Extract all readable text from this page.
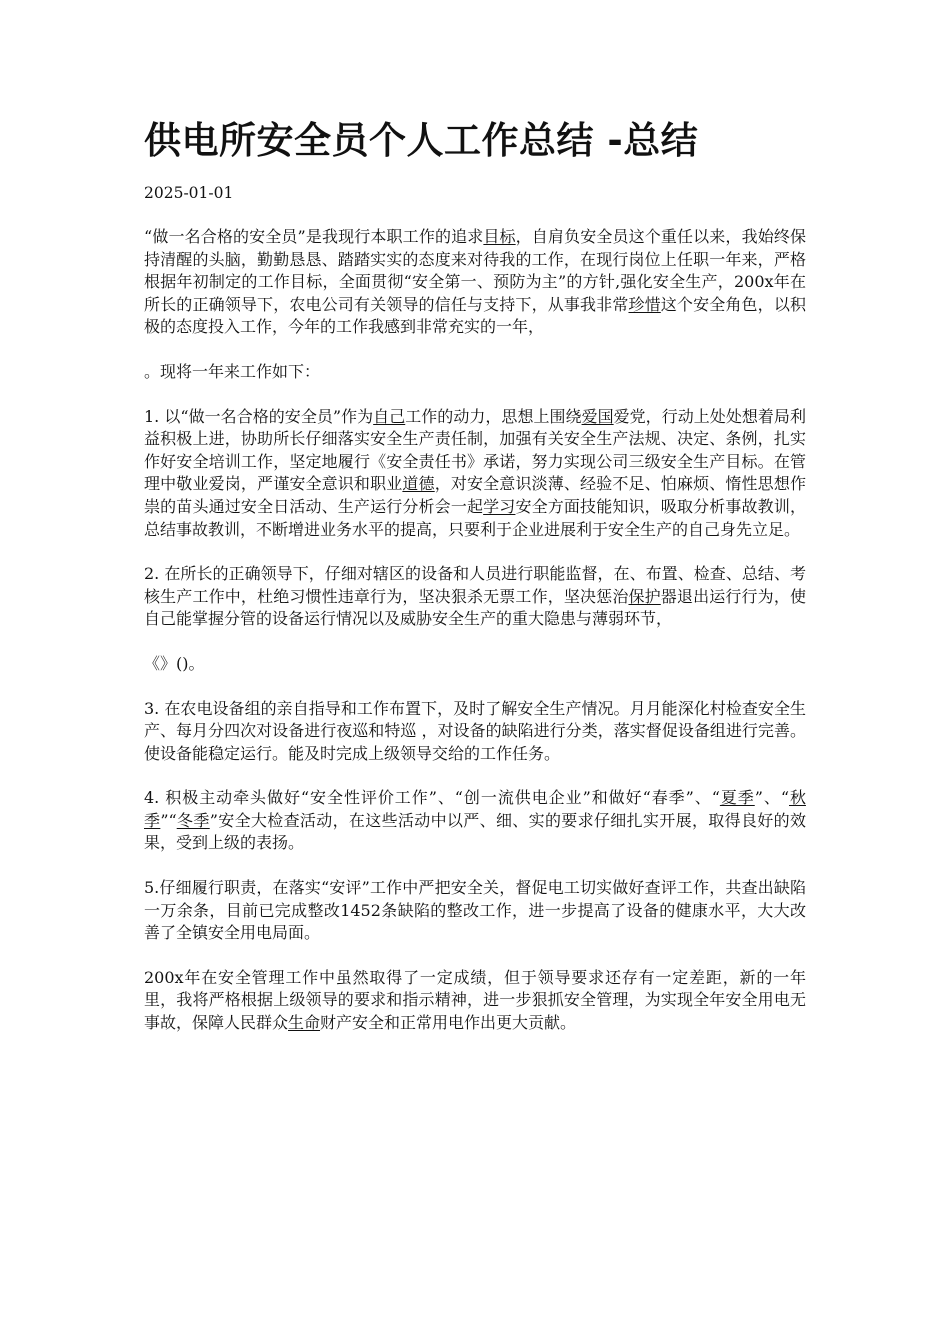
供电所安全员个人工作总结 -总结
2025-01-01

“做一名合格的安全员”是我现行本职工作的追求目标，自肩负安全员这个重任以来，我始终保持清醒的头脑，勤勤恳恳、踏踏实实的态度来对待我的工作，在现行岗位上任职一年来，严格根据年初制定的工作目标，全面贯彻“安全第一、预防为主”的方针,强化安全生产，200x年在所长的正确领导下，农电公司有关领导的信任与支持下，从事我非常珍惜这个安全角色，以积极的态度投入工作，今年的工作我感到非常充实的一年，

。现将一年来工作如下：

1. 以“做一名合格的安全员”作为自己工作的动力，思想上围绕爱国爱党，行动上处处想着局利益积极上进，协助所长仔细落实安全生产责任制，加强有关安全生产法规、决定、条例，扎实作好安全培训工作，坚定地履行《安全责任书》承诺，努力实现公司三级安全生产目标。在管理中敬业爱岗，严谨安全意识和职业道德，对安全意识淡薄、经验不足、怕麻烦、惰性思想作祟的苗头通过安全日活动、生产运行分析会一起学习安全方面技能知识，吸取分析事故教训，总结事故教训，不断增进业务水平的提高，只要利于企业进展利于安全生产的自己身先立足。

2. 在所长的正确领导下，仔细对辖区的设备和人员进行职能监督，在、布置、检查、总结、考核生产工作中，杜绝习惯性违章行为，坚决狠杀无票工作，坚决惩治保护器退出运行行为，使自己能掌握分管的设备运行情况以及威胁安全生产的重大隐患与薄弱环节，

《》()。

3. 在农电设备组的亲自指导和工作布置下，及时了解安全生产情况。月月能深化村检查安全生产、每月分四次对设备进行夜巡和特巡 ，对设备的缺陷进行分类，落实督促设备组进行完善。使设备能稳定运行。能及时完成上级领导交给的工作任务。

4. 积极主动牵头做好“安全性评价工作”、“创一流供电企业”和做好“春季”、“夏季”、“秋季”“冬季”安全大检查活动，在这些活动中以严、细、实的要求仔细扎实开展，取得良好的效果，受到上级的表扬。

5.仔细履行职责，在落实“安评”工作中严把安全关，督促电工切实做好查评工作，共查出缺陷一万余条，目前已完成整改1452条缺陷的整改工作，进一步提高了设备的健康水平，大大改善了全镇安全用电局面。

200x年在安全管理工作中虽然取得了一定成绩，但于领导要求还存有一定差距，新的一年里，我将严格根据上级领导的要求和指示精神，进一步狠抓安全管理，为实现全年安全用电无事故，保障人民群众生命财产安全和正常用电作出更大贡献。
